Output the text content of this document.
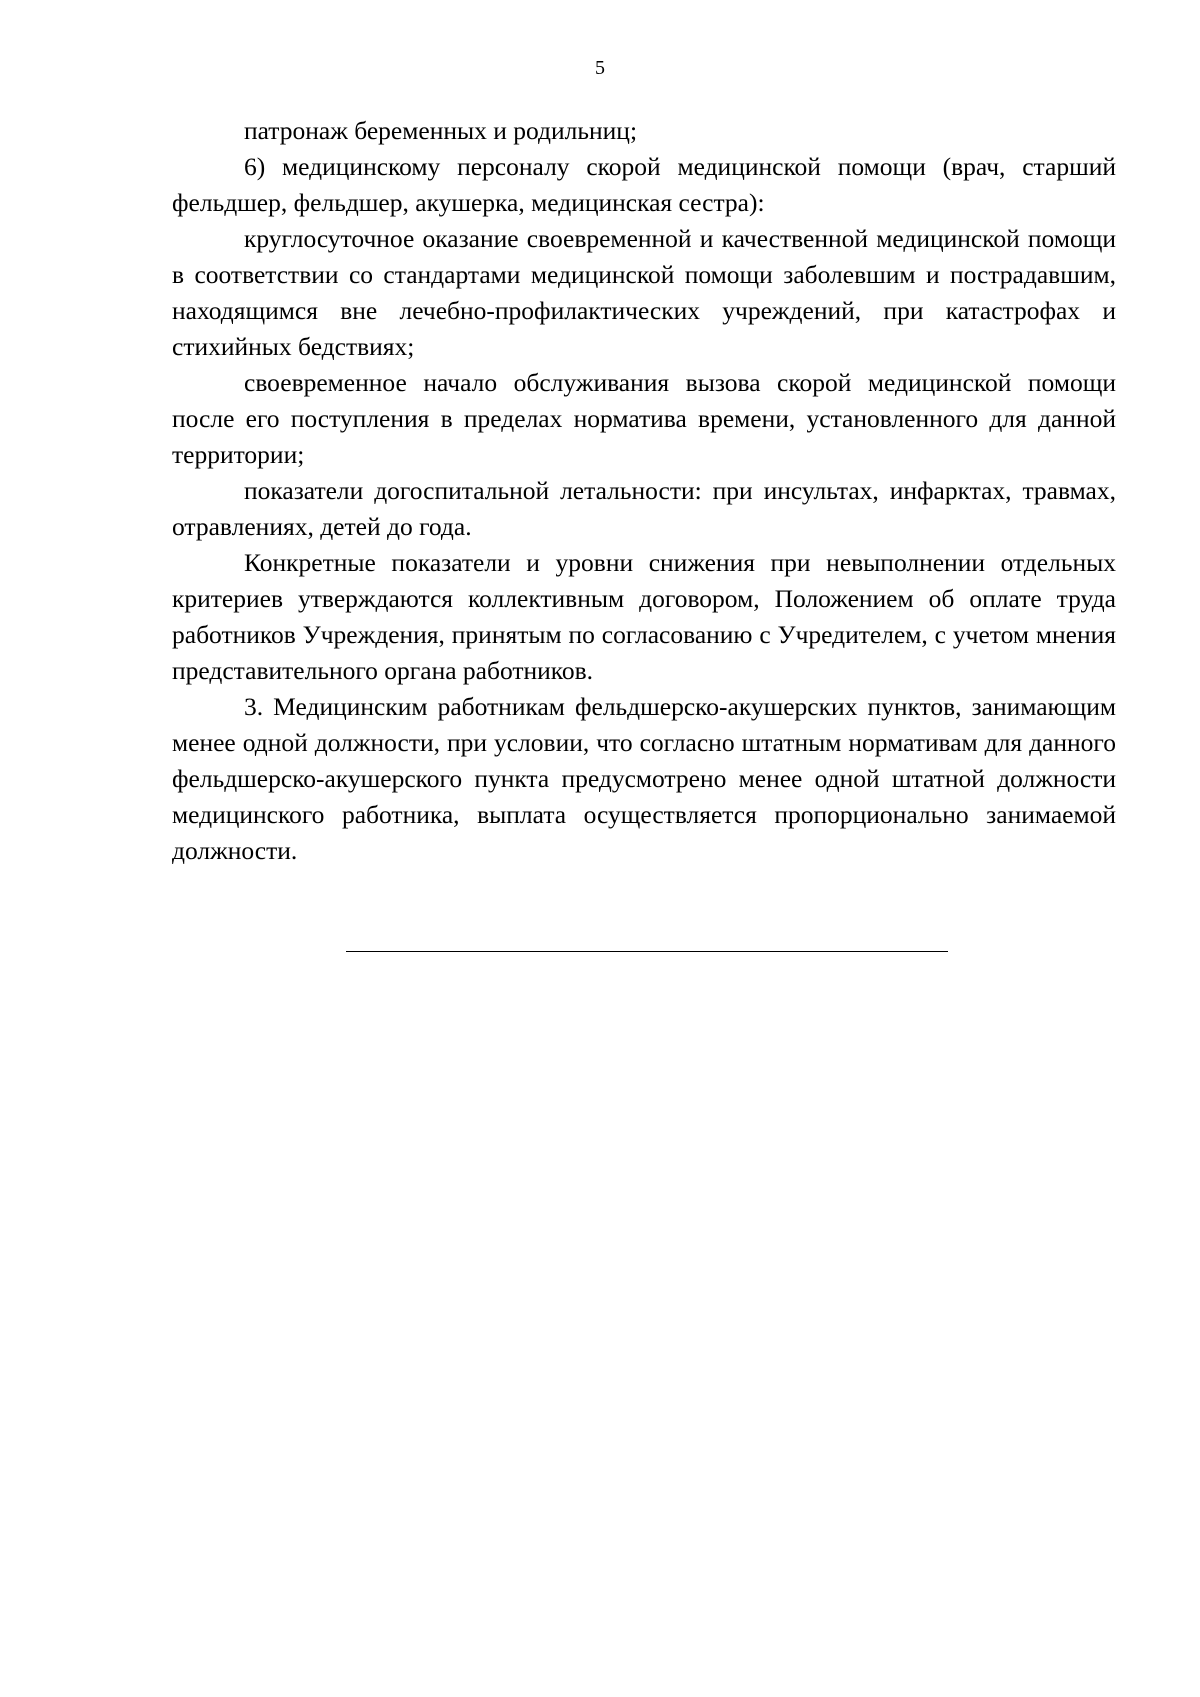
5

патронаж беременных и родильниц;

6) медицинскому персоналу скорой медицинской помощи (врач, старший фельдшер, фельдшер, акушерка, медицинская сестра):

круглосуточное оказание своевременной и качественной медицинской помощи в соответствии со стандартами медицинской помощи заболевшим и пострадавшим, находящимся вне лечебно-профилактических учреждений, при катастрофах и стихийных бедствиях;

своевременное начало обслуживания вызова скорой медицинской помощи после его поступления в пределах норматива времени, установленного для данной территории;

показатели догоспитальной летальности: при инсультах, инфарктах, травмах, отравлениях, детей до года.

Конкретные показатели и уровни снижения при невыполнении отдельных критериев утверждаются коллективным договором, Положением об оплате труда работников Учреждения, принятым по согласованию с Учредителем, с учетом мнения представительного органа работников.

3. Медицинским работникам фельдшерско-акушерских пунктов, занимающим менее одной должности, при условии, что согласно штатным нормативам для данного фельдшерско-акушерского пункта предусмотрено менее одной штатной должности медицинского работника, выплата осуществляется пропорционально занимаемой должности.
